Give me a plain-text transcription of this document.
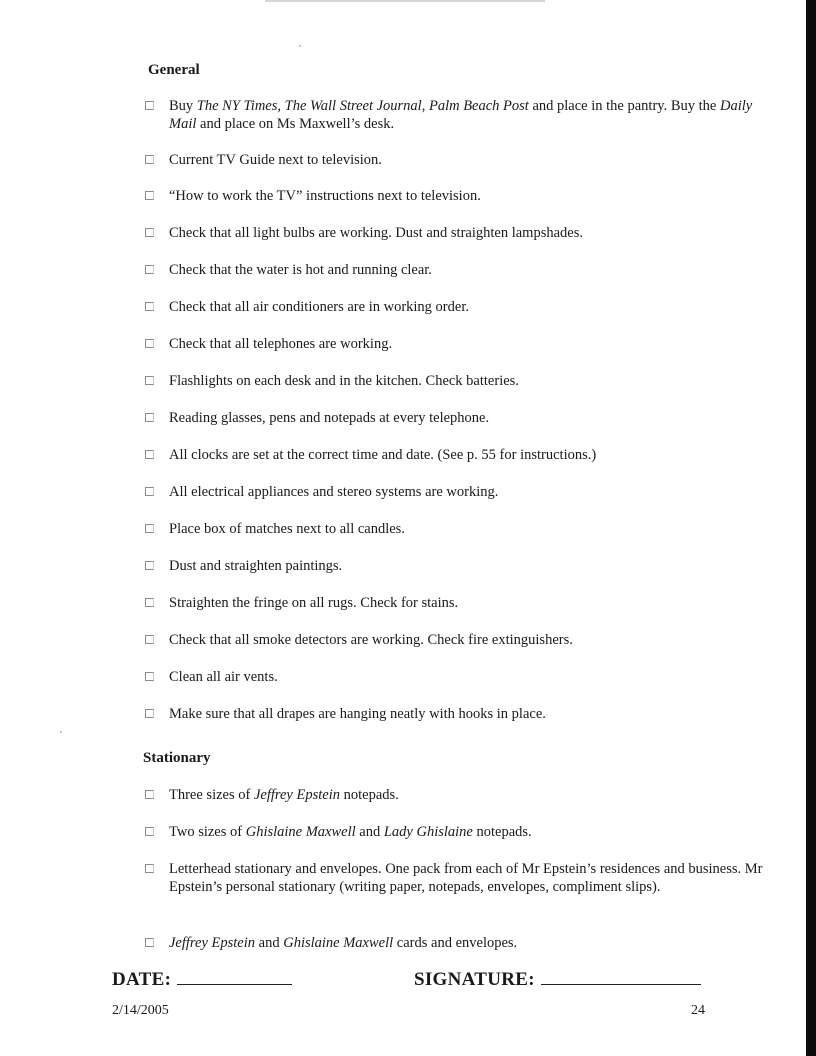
General
Buy The NY Times, The Wall Street Journal, Palm Beach Post and place in the pantry. Buy the Daily Mail and place on Ms Maxwell’s desk.
Current TV Guide next to television.
“How to work the TV” instructions next to television.
Check that all light bulbs are working. Dust and straighten lampshades.
Check that the water is hot and running clear.
Check that all air conditioners are in working order.
Check that all telephones are working.
Flashlights on each desk and in the kitchen. Check batteries.
Reading glasses, pens and notepads at every telephone.
All clocks are set at the correct time and date. (See p. 55 for instructions.)
All electrical appliances and stereo systems are working.
Place box of matches next to all candles.
Dust and straighten paintings.
Straighten the fringe on all rugs. Check for stains.
Check that all smoke detectors are working. Check fire extinguishers.
Clean all air vents.
Make sure that all drapes are hanging neatly with hooks in place.
Stationary
Three sizes of Jeffrey Epstein notepads.
Two sizes of Ghislaine Maxwell and Lady Ghislaine notepads.
Letterhead stationary and envelopes. One pack from each of Mr Epstein’s residences and business. Mr Epstein’s personal stationary (writing paper, notepads, envelopes, compliment slips).
Jeffrey Epstein and Ghislaine Maxwell cards and envelopes.
DATE:	SIGNATURE:
2/14/2005	24
